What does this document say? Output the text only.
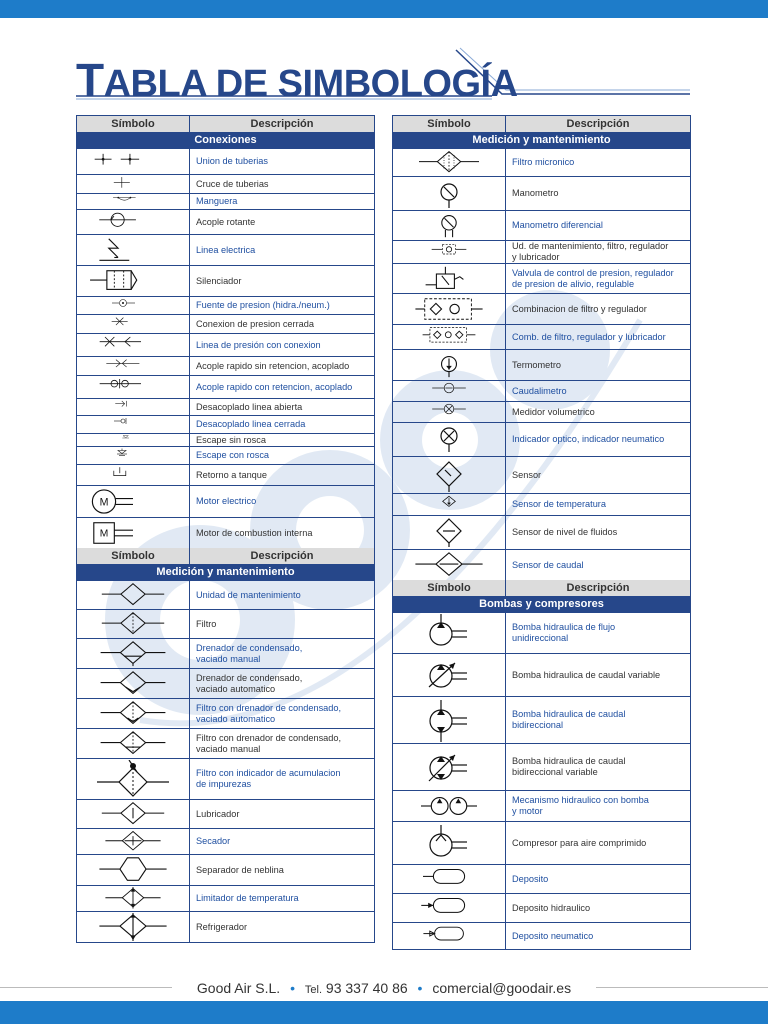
TABLA DE SIMBOLOGÍA
Símbolo	Descripción
Conexiones
Union de tuberias
Cruce de tuberias
Manguera
Acople rotante
Linea electrica
Silenciador
Fuente de presion (hidra./neum.)
Conexion de presion cerrada
Linea de presión con conexion
Acople rapido sin retencion, acoplado
Acople rapido con retencion, acoplado
Desacoplado linea abierta
Desacoplado linea cerrada
Escape sin rosca
Escape con rosca
Retorno a tanque
M	Motor electrico
M	Motor de combustion interna
Símbolo	Descripción
Medición y mantenimiento
Unidad de mantenimiento
Filtro
Drenador de condensado,
vaciado manual
Drenador de condensado,
vaciado automatico
Filtro con drenador de condensado,
vaciado automatico
Filtro con drenador de condensado,
vaciado manual
Filtro con indicador de acumulacion
de impurezas
Lubricador
Secador
Separador de neblina
Limitador de temperatura
Refrigerador
Símbolo	Descripción
Medición y mantenimiento
Filtro micronico
Manometro
Manometro diferencial
Ud. de mantenimiento, filtro, regulador
y lubricador
Valvula de control de presion, regulador
de presion de alivio, regulable
Combinacion de filtro y regulador
Comb. de filtro, regulador y lubricador
Termometro
Caudalimetro
Medidor volumetrico
Indicador optico, indicador neumatico
Sensor
Sensor de temperatura
Sensor de nivel de fluidos
Sensor de caudal
Símbolo	Descripción
Bombas y compresores
Bomba hidraulica de flujo
unidireccional
Bomba hidraulica de caudal variable
Bomba hidraulica de caudal
bidireccional
Bomba hidraulica de caudal
bidireccional variable
Mecanismo hidraulico con bomba
y motor
Compresor para aire comprimido
Deposito
Deposito hidraulico
Deposito neumatico
Good Air S.L. • Tel. 93 337 40 86 • comercial@goodair.es
